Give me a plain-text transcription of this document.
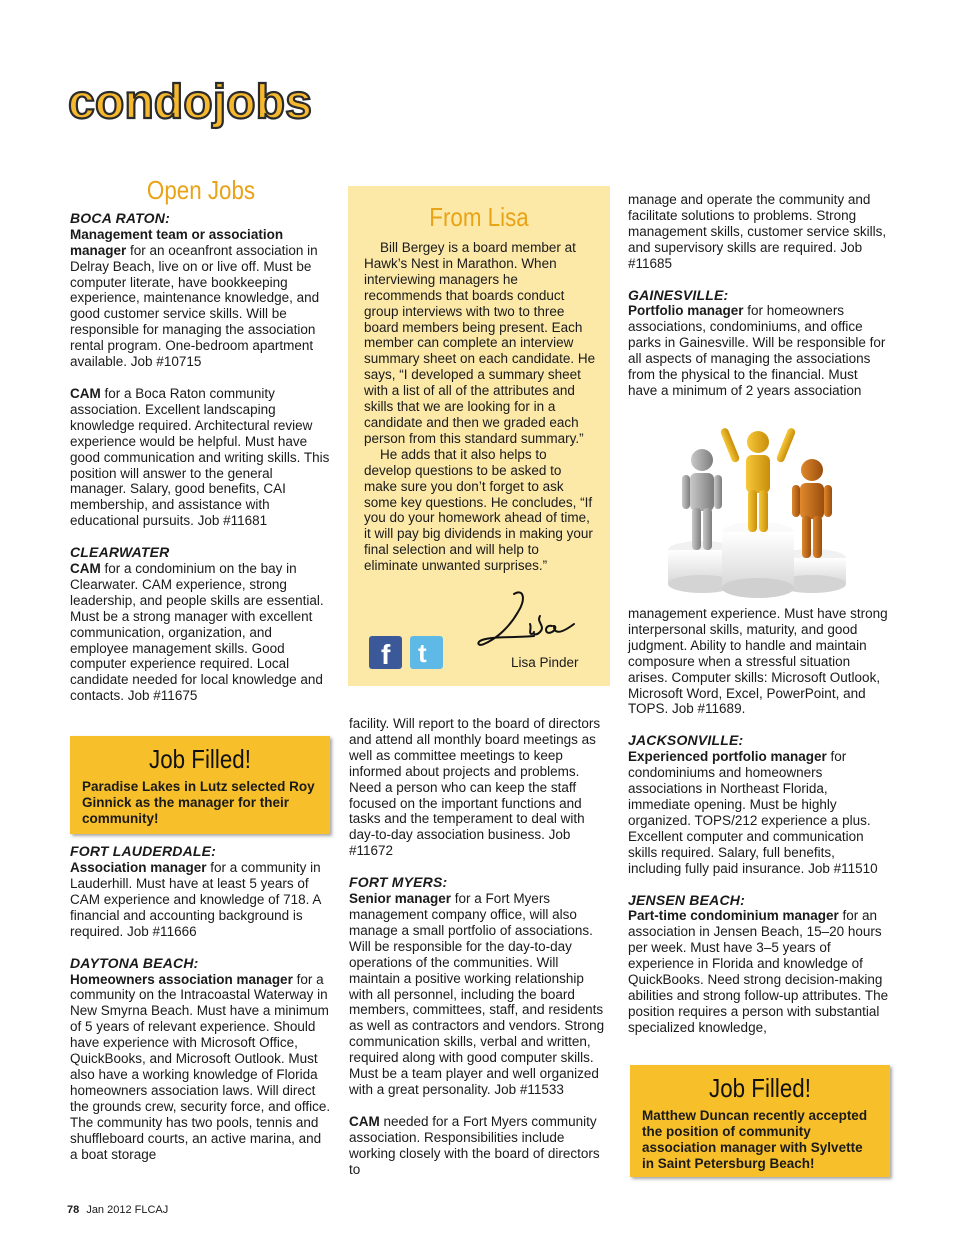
condojobs
Open Jobs

BOCA RATON:

Management team or association manager for an oceanfront association in Delray Beach, live on or live off. Must be computer literate, have bookkeeping experience, maintenance knowledge, and good customer service skills. Will be responsible for managing the association rental program. One-bedroom apartment available. Job #10715

CAM for a Boca Raton community association. Excellent landscaping knowledge required. Architectural review experience would be helpful. Must have good communication and writing skills. This position will answer to the general manager. Salary, good benefits, CAI membership, and assistance with educational pursuits. Job #11681

CLEARWATER

CAM for a condominium on the bay in Clearwater. CAM experience, strong leadership, and people skills are essential. Must be a strong manager with excellent communication, organization, and employee management skills. Good computer experience required. Local candidate needed for local knowledge and contacts. Job #11675

FORT LAUDERDALE:

Association manager for a community in Lauderhill. Must have at least 5 years of CAM experience and knowledge of 718. A financial and accounting background is required. Job #11666

DAYTONA BEACH:

Homeowners association manager for a community on the Intracoastal Waterway in New Smyrna Beach. Must have a minimum of 5 years of relevant experience. Should have experience with Microsoft Office, QuickBooks, and Microsoft Outlook. Must also have a working knowledge of Florida homeowners association laws. Will direct the grounds crew, security force, and office. The community has two pools, tennis and shuffleboard courts, an active marina, and a boat storage

Job Filled!
Paradise Lakes in Lutz selected Roy Ginnick as the manager for their community!
From Lisa

Bill Bergey is a board member at Hawk’s Nest in Marathon. When interviewing managers he recommends that boards conduct group interviews with two to three board members being present. Each member can complete an interview summary sheet on each candidate. He says, “I developed a summary sheet with a list of all of the attributes and skills that we are looking for in a candidate and then we graded each person from this standard summary.”

He adds that it also helps to develop questions to be asked to make sure you don’t forget to ask some key questions. He concludes, “If you do your homework ahead of time, it will pay big dividends in making your final selection and will help to eliminate unwanted surprises.”

f t	Lisa Pinder

facility. Will report to the board of directors and attend all monthly board meetings as well as committee meetings to keep informed about projects and problems. Need a person who can keep the staff focused on the important functions and tasks and the temperament to deal with day-to-day association business. Job #11672

FORT MYERS:

Senior manager for a Fort Myers management company office, will also manage a small portfolio of associations. Will be responsible for the day-to-day operations of the communities. Will maintain a positive working relationship with all personnel, including the board members, committees, staff, and residents as well as contractors and vendors. Strong communication skills, verbal and written, required along with good computer skills. Must be a team player and well organized with a great personality. Job #11533

CAM needed for a Fort Myers community association. Responsibilities include working closely with the board of directors to

manage and operate the community and facilitate solutions to problems. Strong management skills, customer service skills, and supervisory skills are required. Job #11685

GAINESVILLE:

Portfolio manager for homeowners associations, condominiums, and office parks in Gainesville. Will be responsible for all aspects of managing the associations from the physical to the financial. Must have a minimum of 2 years association

management experience. Must have strong interpersonal skills, maturity, and good judgment. Ability to handle and maintain composure when a stressful situation arises. Computer skills: Microsoft Outlook, Microsoft Word, Excel, PowerPoint, and TOPS. Job #11689.

JACKSONVILLE:

Experienced portfolio manager for condominiums and homeowners associations in Northeast Florida, immediate opening. Must be highly organized. TOPS/212 experience a plus. Excellent computer and communication skills required. Salary, full benefits, including fully paid insurance. Job #11510

JENSEN BEACH:

Part-time condominium manager for an association in Jensen Beach, 15–20 hours per week. Must have 3–5 years of experience in Florida and knowledge of QuickBooks. Need strong decision-making abilities and strong follow-up attributes. The position requires a person with substantial specialized knowledge,

Job Filled!
Matthew Duncan recently accepted the position of community association manager with Sylvette in Saint Petersburg Beach!
78 Jan 2012 FLCAJ
